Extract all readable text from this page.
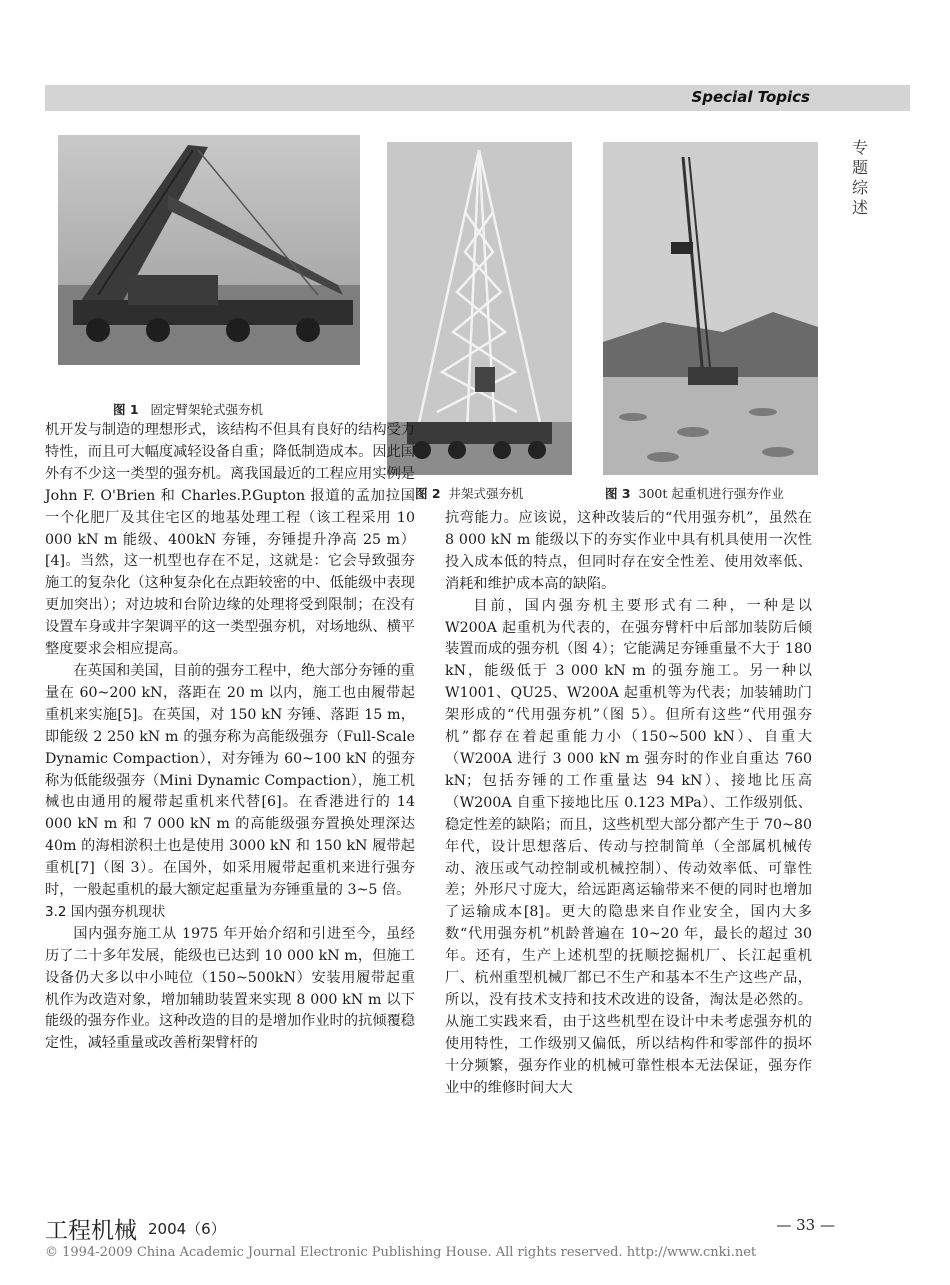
Special Topics
专题综述
图 1 固定臂架轮式强夯机
图 2 井架式强夯机	图 3 300t 起重机进行强夯作业

机开发与制造的理想形式，该结构不但具有良好的结构受力特性，而且可大幅度减轻设备自重；降低制造成本。因此国外有不少这一类型的强夯机。离我国最近的工程应用实例是 John F. O'Brien 和 Charles.P.Gupton 报道的孟加拉国一个化肥厂及其住宅区的地基处理工程（该工程采用 10 000 kN m 能级、400kN 夯锤，夯锤提升净高 25 m）[4]。当然，这一机型也存在不足，这就是：它会导致强夯施工的复杂化（这种复杂化在点距较密的中、低能级中表现更加突出）；对边坡和台阶边缘的处理将受到限制；在没有设置车身或井字架调平的这一类型强夯机，对场地纵、横平整度要求会相应提高。

在英国和美国，目前的强夯工程中，绝大部分夯锤的重量在 60~200 kN，落距在 20 m 以内，施工也由履带起重机来实施[5]。在英国，对 150 kN 夯锤、落距 15 m，即能级 2 250 kN m 的强夯称为高能级强夯（Full-Scale Dynamic Compaction），对夯锤为 60~100 kN 的强夯称为低能级强夯（Mini Dynamic Compaction），施工机械也由通用的履带起重机来代替[6]。在香港进行的 14 000 kN m 和 7 000 kN m 的高能级强夯置换处理深达 40m 的海相淤积土也是使用 3000 kN 和 150 kN 履带起重机[7]（图 3）。在国外，如采用履带起重机来进行强夯时，一般起重机的最大额定起重量为夯锤重量的 3~5 倍。

3.2 国内强夯机现状

国内强夯施工从 1975 年开始介绍和引进至今，虽经历了二十多年发展，能级也已达到 10 000 kN m，但施工设备仍大多以中小吨位（150~500kN）安装用履带起重机作为改造对象，增加辅助装置来实现 8 000 kN m 以下能级的强夯作业。这种改造的目的是增加作业时的抗倾覆稳定性，减轻重量或改善桁架臂杆的

抗弯能力。应该说，这种改装后的“代用强夯机”，虽然在 8 000 kN m 能级以下的夯实作业中具有机具使用一次性投入成本低的特点，但同时存在安全性差、使用效率低、消耗和维护成本高的缺陷。

目前，国内强夯机主要形式有二种，一种是以 W200A 起重机为代表的，在强夯臂杆中后部加装防后倾装置而成的强夯机（图 4）；它能满足夯锤重量不大于 180 kN，能级低于 3 000 kN m 的强夯施工。另一种以 W1001、QU25、W200A 起重机等为代表；加装辅助门架形成的“代用强夯机”（图 5）。但所有这些“代用强夯机”都存在着起重能力小（150~500 kN）、自重大（W200A 进行 3 000 kN m 强夯时的作业自重达 760 kN；包括夯锤的工作重量达 94 kN）、接地比压高（W200A 自重下接地比压 0.123 MPa）、工作级别低、稳定性差的缺陷；而且，这些机型大部分都产生于 70~80 年代，设计思想落后、传动与控制简单（全部属机械传动、液压或气动控制或机械控制）、传动效率低、可靠性差；外形尺寸庞大，给远距离运输带来不便的同时也增加了运输成本[8]。更大的隐患来自作业安全，国内大多数“代用强夯机”机龄普遍在 10~20 年，最长的超过 30 年。还有，生产上述机型的抚顺挖掘机厂、长江起重机厂、杭州重型机械厂都已不生产和基本不生产这些产品，所以，没有技术支持和技术改进的设备，淘汰是必然的。从施工实践来看，由于这些机型在设计中未考虑强夯机的使用特性，工作级别又偏低，所以结构件和零部件的损坏十分频繁，强夯作业的机械可靠性根本无法保证，强夯作业中的维修时间大大

工程机械 2004（6）	— 33 —
© 1994-2009 China Academic Journal Electronic Publishing House. All rights reserved. http://www.cnki.net
